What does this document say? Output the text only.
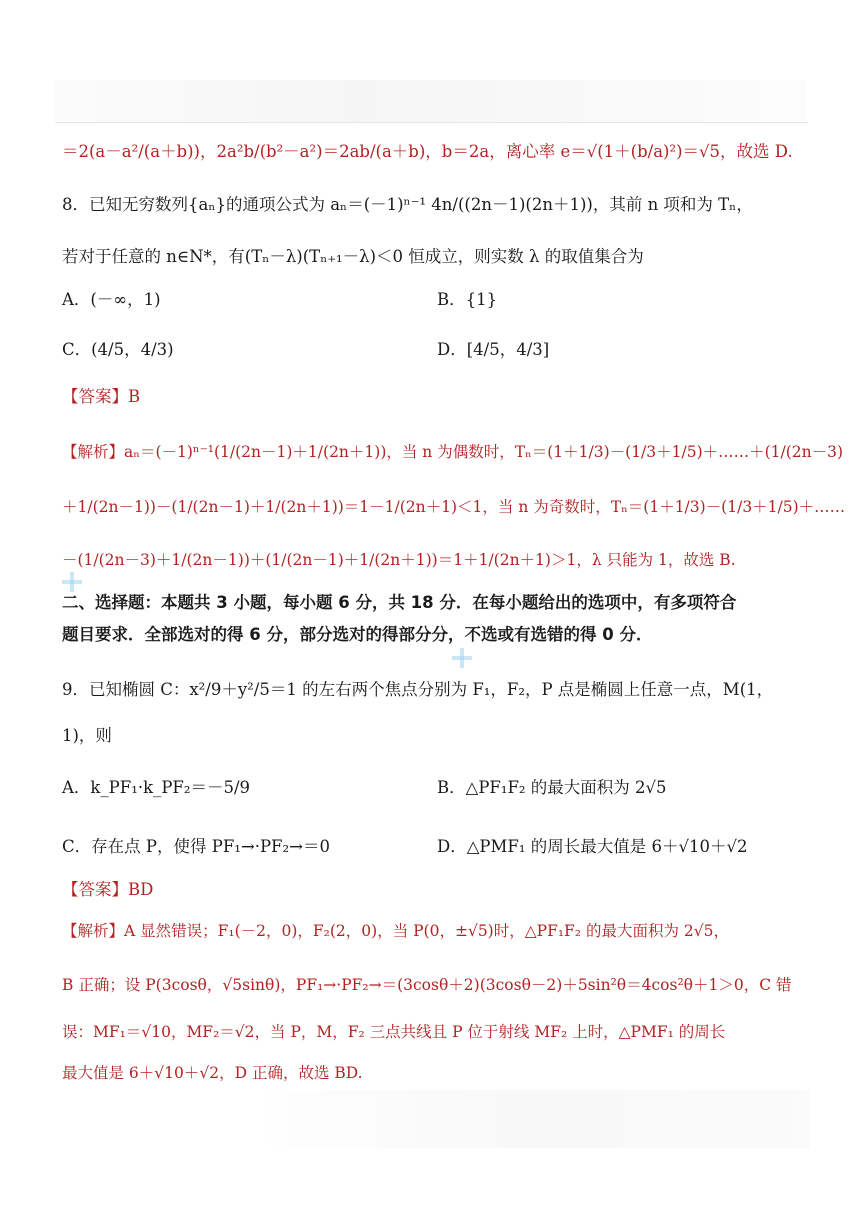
＝2(a－a²/(a＋b))，2a²b/(b²－a²)＝2ab/(a＋b)，b＝2a，离心率 e＝√(1＋(b/a)²)＝√5，故选 D.
8．已知无穷数列{aₙ}的通项公式为 aₙ＝(－1)ⁿ⁻¹ 4n/((2n－1)(2n＋1))，其前 n 项和为 Tₙ，
若对于任意的 n∈N*，有(Tₙ－λ)(Tₙ₊₁－λ)＜0 恒成立，则实数 λ 的取值集合为
A．(－∞，1)	B．{1}
C．(4/5，4/3)	D．[4/5，4/3]
【答案】B
【解析】aₙ＝(－1)ⁿ⁻¹(1/(2n－1)＋1/(2n＋1))，当 n 为偶数时，Tₙ＝(1＋1/3)－(1/3＋1/5)＋……＋(1/(2n－3)
＋1/(2n－1))－(1/(2n－1)＋1/(2n＋1))＝1－1/(2n＋1)＜1，当 n 为奇数时，Tₙ＝(1＋1/3)－(1/3＋1/5)＋……
－(1/(2n－3)＋1/(2n－1))＋(1/(2n－1)＋1/(2n＋1))＝1＋1/(2n＋1)＞1，λ 只能为 1，故选 B.
二、选择题：本题共 3 小题，每小题 6 分，共 18 分．在每小题给出的选项中，有多项符合
题目要求．全部选对的得 6 分，部分选对的得部分分，不选或有选错的得 0 分．
9．已知椭圆 C：x²/9＋y²/5＝1 的左右两个焦点分别为 F₁，F₂，P 点是椭圆上任意一点，M(1，
1)，则
A．k_PF₁·k_PF₂＝－5/9	B．△PF₁F₂ 的最大面积为 2√5
C．存在点 P，使得 PF₁→·PF₂→＝0	D．△PMF₁ 的周长最大值是 6＋√10＋√2
【答案】BD
【解析】A 显然错误；F₁(－2，0)，F₂(2，0)，当 P(0，±√5)时，△PF₁F₂ 的最大面积为 2√5，
B 正确；设 P(3cosθ，√5sinθ)，PF₁→·PF₂→＝(3cosθ＋2)(3cosθ－2)＋5sin²θ＝4cos²θ＋1＞0，C 错
误：MF₁＝√10，MF₂＝√2，当 P，M，F₂ 三点共线且 P 位于射线 MF₂ 上时，△PMF₁ 的周长
最大值是 6＋√10＋√2，D 正确，故选 BD.
